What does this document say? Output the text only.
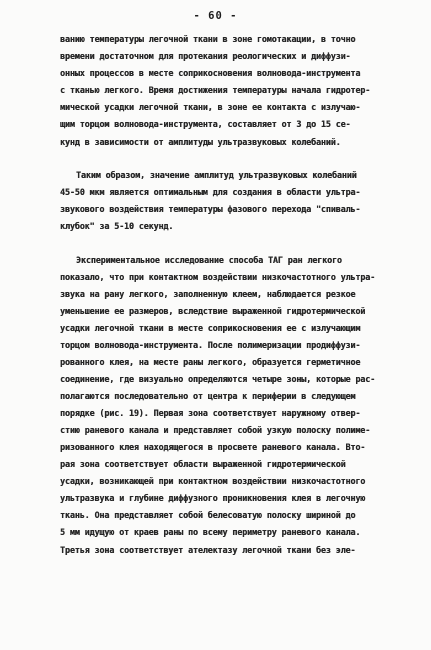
- 60 -
ванию температуры легочной ткани в зоне гомотакации, в точно
времени достаточном для протекания реологических и диффузи-
онных процессов в месте соприкосновения волновода-инструмента
с тканью легкого. Время достижения температуры начала гидротер-
мической усадки легочной ткани, в зоне ее контакта с излучаю-
щим торцом волновода-инструмента, составляет от 3 до 15 се-
кунд в зависимости от амплитуды ультразвуковых колебаний.
Таким образом, значение амплитуд ультразвуковых колебаний
45-50 мкм является оптимальным для создания в области ультра-
звукового воздействия температуры фазового перехода "спиваль-
клубок" за 5-10 секунд.
Экспериментальное исследование способа ТАГ ран легкого
показало, что при контактном воздействии низкочастотного ультра-
звука на рану легкого, заполненную клеем, наблюдается резкое
уменьшение ее размеров, вследствие выраженной гидротермической
усадки легочной ткани в месте соприкосновения ее с излучающим
торцом волновода-инструмента. После полимеризации продиффузи-
рованного клея, на месте раны легкого, образуется герметичное
соединение, где визуально определяются четыре зоны, которые рас-
полагаются последовательно от центра к периферии в следующем
порядке (рис. 19). Первая зона соответствует наружному отвер-
стию раневого канала и представляет собой узкую полоску полиме-
ризованного клея находящегося в просвете раневого канала. Вто-
рая зона соответствует области выраженной гидротермической
усадки, возникающей при контактном воздействии низкочастотного
ультразвука и глубине диффузного проникновения клея в легочную
ткань. Она представляет собой белесоватую полоску шириной до
5 мм идущую от краев раны по всему периметру раневого канала.
Третья зона соответствует ателектазу легочной ткани без эле-
